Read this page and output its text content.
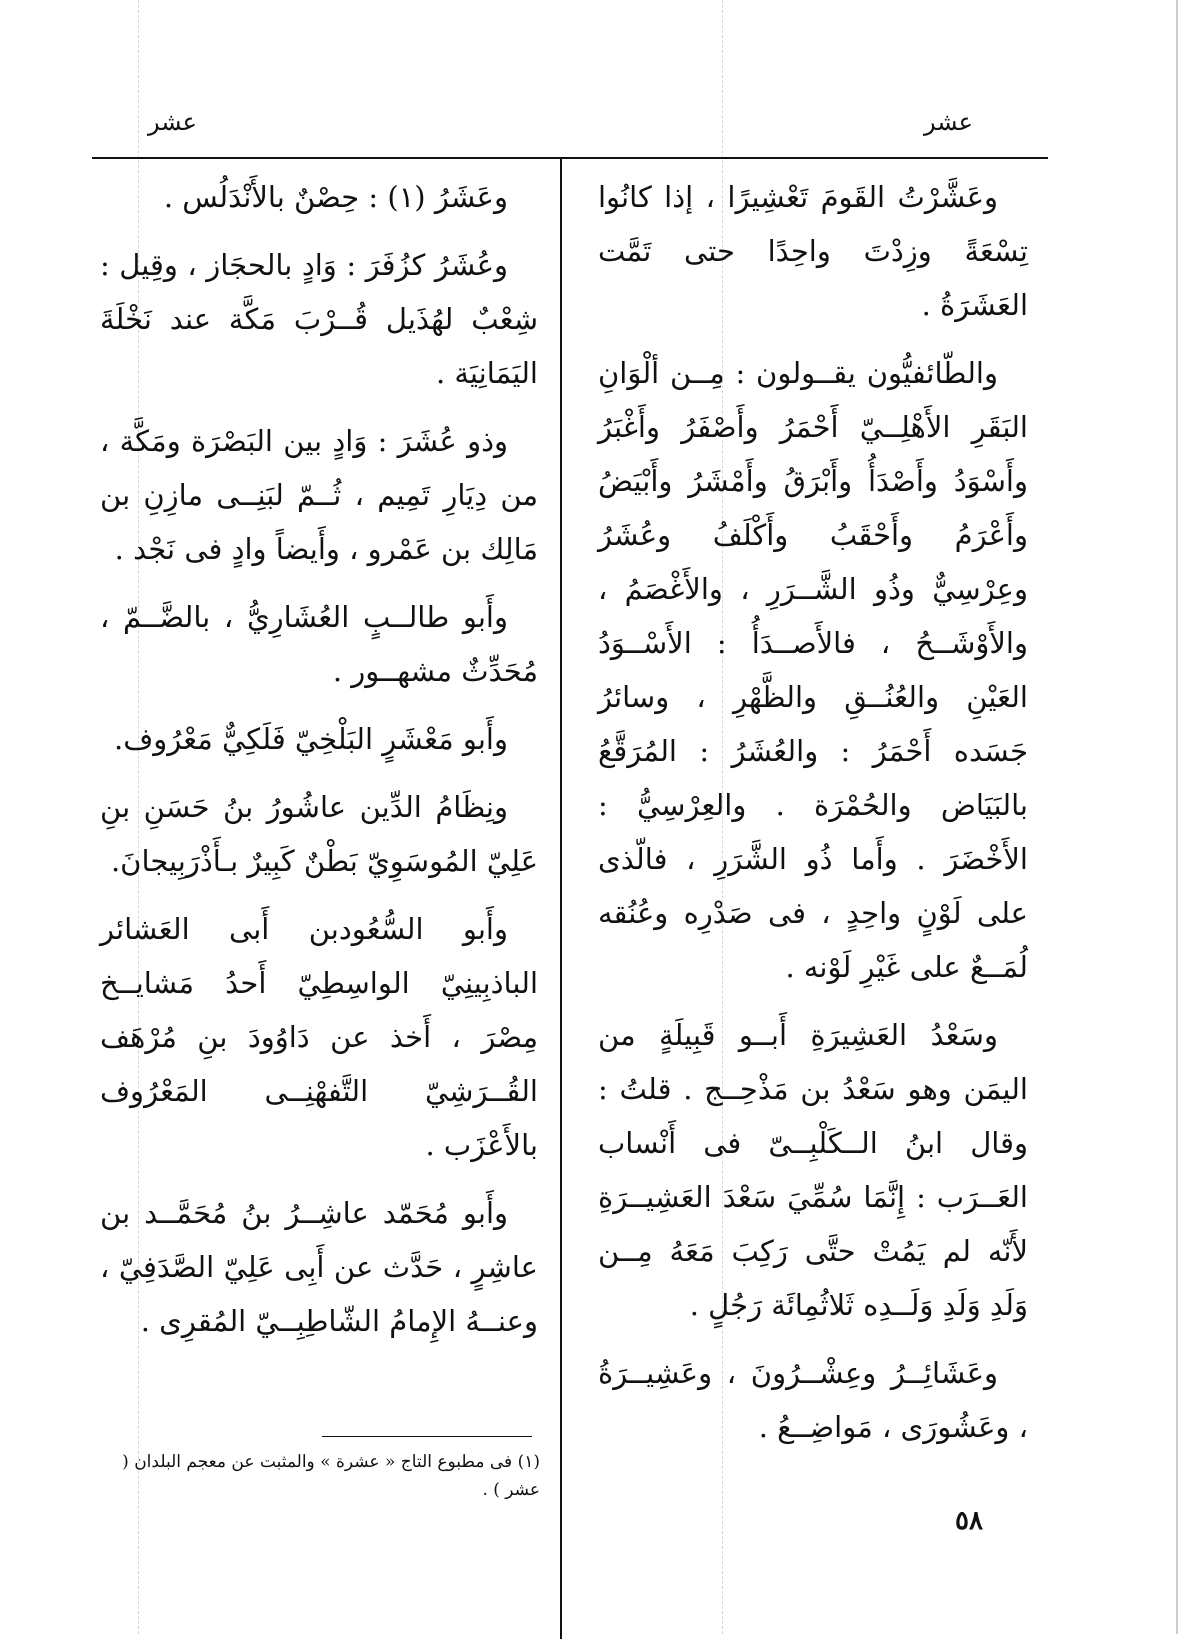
عشر
عشر

وعَشَّرْتُ القَومَ تَعْشِيرًا ، إذا كانُوا تِسْعَةً وزِدْتَ واحِدًا حتى تَمَّت العَشَرَةُ .

والطّائفيُّون يقــولون : مِــن ألْوَانِ البَقَرِ الأَهْلِــيّ أَحْمَرُ وأَصْفَرُ وأَغْبَرُ وأَسْوَدُ وأَصْدَأُ وأَبْرَقُ وأَمْشَرُ وأَبْيَضُ وأَعْرَمُ وأَحْقَبُ وأَكْلَفُ وعُشَرُ وعِرْسِيٌّ وذُو الشَّــرَرِ ، والأَغْصَمُ ، والأَوْشَــحُ ، فالأَصــدَأُ : الأَسْــوَدُ العَيْنِ والعُنُــقِ والظَّهْرِ ، وسائرُ جَسَده أَحْمَرُ : والعُشَرُ : المُرَقَّعُ بالبَيَاض والحُمْرَة . والعِرْسِيُّ : الأَخْضَرَ . وأَما ذُو الشَّرَرِ ، فالّذى على لَوْنٍ واحِدٍ ، فى صَدْرِه وعُنُقه لُمَــعٌ على غَيْرِ لَوْنه .

وسَعْدُ العَشِيرَةِ أَبــو قَبِيلَةٍ من اليمَن وهو سَعْدُ بن مَذْحِــج . قلتُ : وقال ابنُ الــكَلْبِــىّ فى أَنْساب العَــرَب : إِنَّمَا سُمِّيَ سَعْدَ العَشِيــرَةِ لأَنّه لم يَمُتْ حتَّى رَكِبَ مَعَهُ مِــن وَلَدِ وَلَدِ وَلَــدِه ثَلاثُمِائَة رَجُلٍ .

وعَشَائِــرُ وعِشْــرُونَ ، وعَشِيــرَةُ ، وعَشُورَى ، مَواضِــعُ .

وعَشَرُ (١) : حِصْنٌ بالأَنْدَلُس .

وعُشَرُ كزُفَرَ : وَادٍ بالحجَاز ، وقِيل : شِعْبٌ لهُذَيل قُــرْبَ مَكَّة عند نَخْلَةَ اليَمَانِيَة .

وذو عُشَرَ : وَادٍ بين البَصْرَة ومَكَّة ، من دِيَارِ تَمِيم ، ثُــمّ لبَنِــى مازِنِ بن مَالِك بن عَمْرو ، وأَيضاً وادٍ فى نَجْد .

وأَبو طالــبٍ العُشَارِيُّ ، بالضَّــمّ ، مُحَدِّثٌ مشهــور .

وأَبو مَعْشَرٍ البَلْخِيّ فَلَكِيٌّ مَعْرُوف.

ونِظَامُ الدِّين عاشُورُ بنُ حَسَنِ بنِ عَلِيّ المُوسَوِيّ بَطْنٌ كَبِيرٌ بـأَذْرَبِيجانَ.

وأَبو السُّعُودبن أَبى العَشائر الباذبِينِيّ الواسِطِيّ أَحدُ مَشايــخ مِصْرَ ، أَخذ عن دَاوُودَ بنِ مُرْهَف القُــرَشِيّ التَّفهْنِــى المَعْرُوف بالأَعْزَب .

وأَبو مُحَمّد عاشِــرُ بنُ مُحَمَّــد بن عاشِرٍ ، حَدَّث عن أَبِى عَلِيّ الصَّدَفِيّ ، وعنــهُ الإِمامُ الشّاطِبِــيّ المُقرِى .

(١) فى مطبوع التاج « عشرة » والمثبت عن معجم البلدان ( عشر ) .
٥٨
